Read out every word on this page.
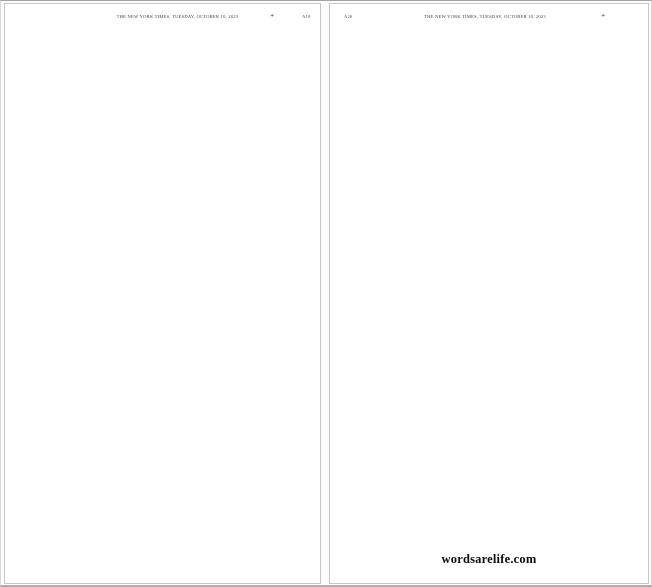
THE NEW YORK TIMES, TUESDAY, OCTOBER 10, 2023	+	A19	A20	THE NEW YORK TIMES, TUESDAY, OCTOBER 10, 2023	+
wordsarelife.com
